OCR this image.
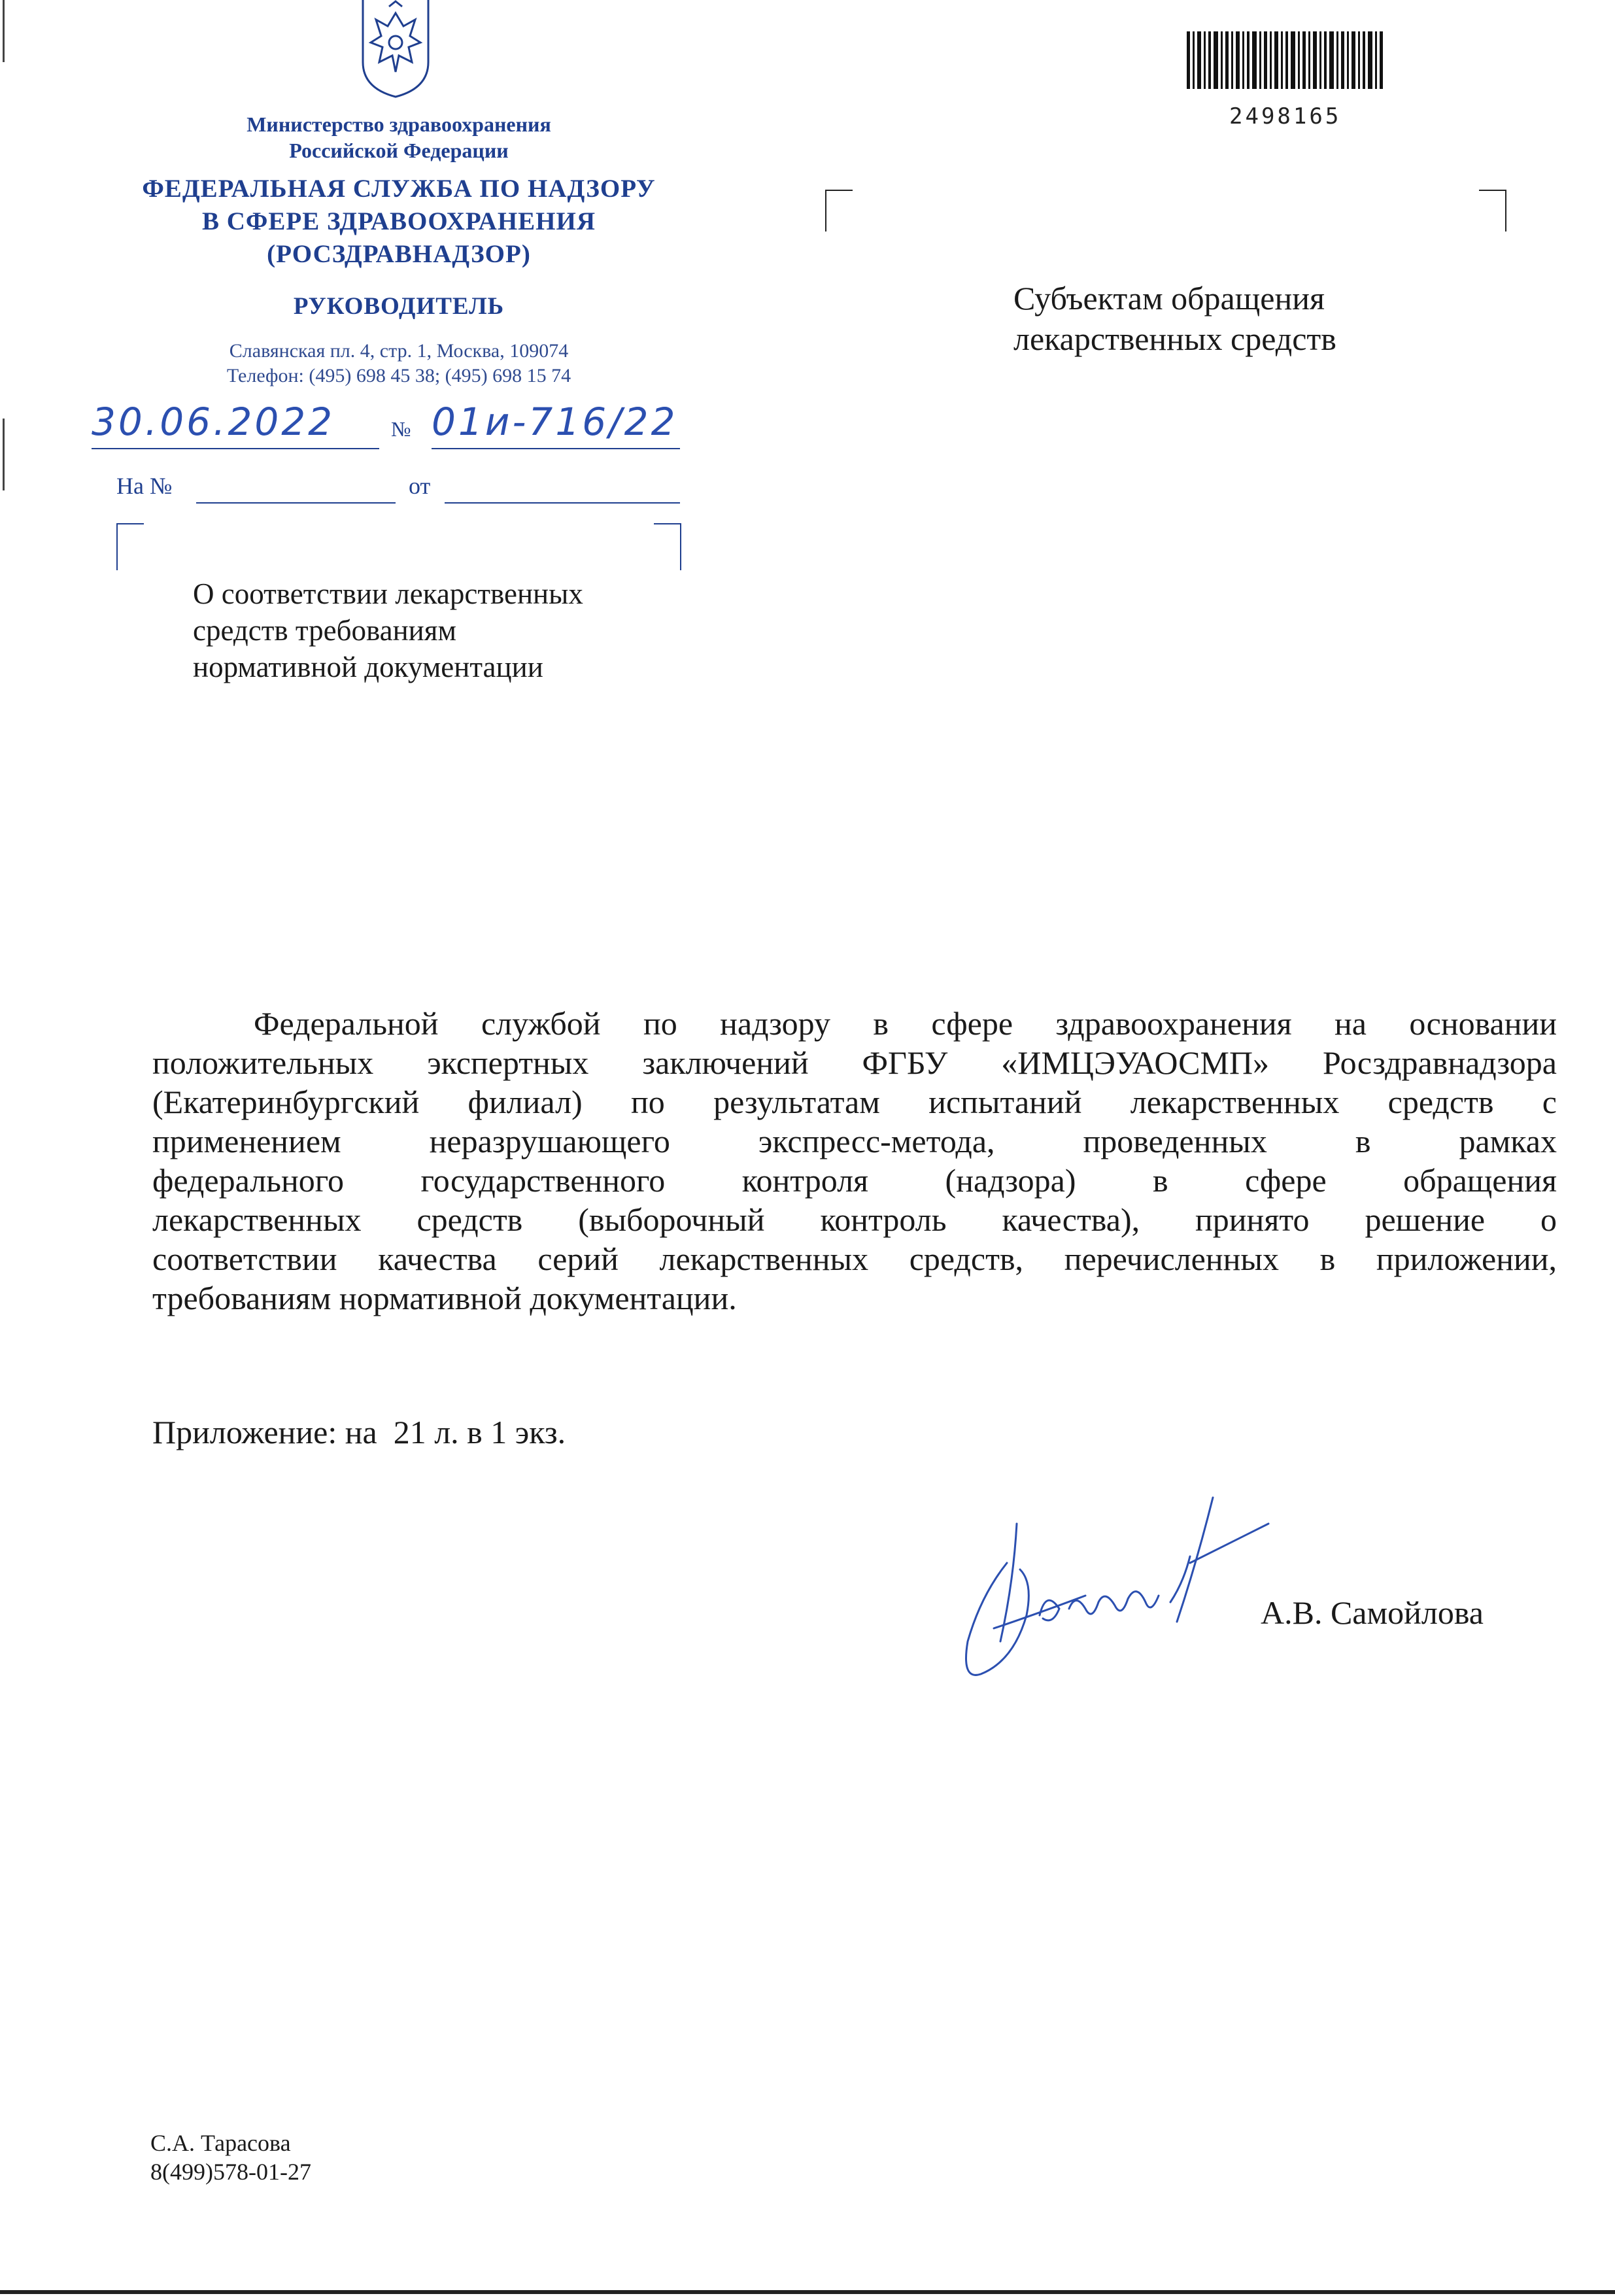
Министерство здравоохранения
Российской Федерации
ФЕДЕРАЛЬНАЯ СЛУЖБА ПО НАДЗОРУ
В СФЕРЕ ЗДРАВООХРАНЕНИЯ
(РОСЗДРАВНАДЗОР)
РУКОВОДИТЕЛЬ
Славянская пл. 4, стр. 1, Москва, 109074
Телефон: (495) 698 45 38; (495) 698 15 74
30.06.2022	№ 01и-716/22
На №	от
О соответствии лекарственных
средств требованиям
нормативной документации
2498165
Субъектам обращения
лекарственных средств
Федеральной службой по надзору в сфере здравоохранения на основании
положительных экспертных заключений ФГБУ «ИМЦЭУАОСМП» Росздравнадзора
(Екатеринбургский филиал) по результатам испытаний лекарственных средств с
применением неразрушающего экспресс-метода, проведенных в рамках
федерального государственного контроля (надзора) в сфере обращения
лекарственных средств (выборочный контроль качества), принято решение о
соответствии качества серий лекарственных средств, перечисленных в приложении,
требованиям нормативной документации.
Приложение: на  21 л. в 1 экз.
А.В. Самойлова
С.А. Тарасова
8(499)578-01-27
